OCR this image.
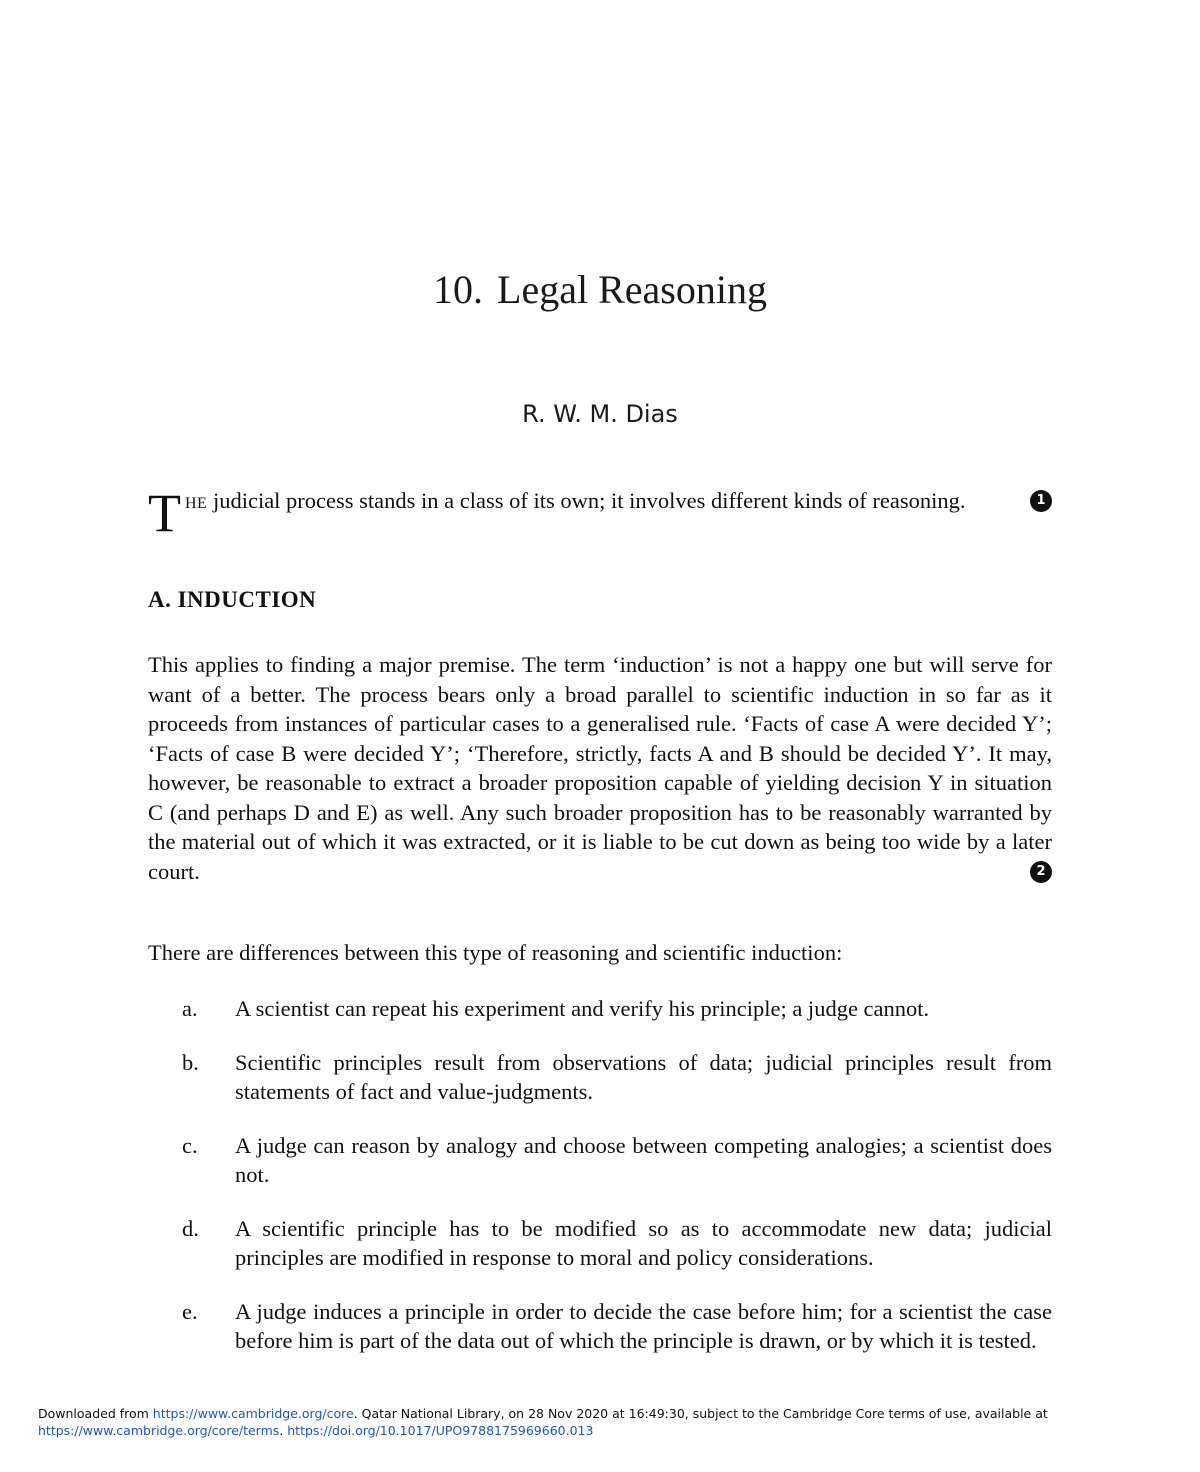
10. Legal Reasoning
R. W. M. Dias
The judicial process stands in a class of its own; it involves different kinds of reasoning.	1
A. INDUCTION
This applies to finding a major premise. The term ‘induction’ is not a happy one but will serve for want of a better. The process bears only a broad parallel to scientific induction in so far as it proceeds from instances of particular cases to a generalised rule. ‘Facts of case A were decided Y’; ‘Facts of case B were decided Y’; ‘Therefore, strictly, facts A and B should be decided Y’. It may, however, be reasonable to extract a broader proposition capable of yielding decision Y in situation C (and perhaps D and E) as well. Any such broader proposition has to be reasonably warranted by the material out of which it was extracted, or it is liable to be cut down as being too wide by a later court.	2
There are differences between this type of reasoning and scientific induction:
a. A scientist can repeat his experiment and verify his principle; a judge cannot.
b. Scientific principles result from observations of data; judicial principles result from statements of fact and value-judgments.
c. A judge can reason by analogy and choose between competing analogies; a scientist does not.
d. A scientific principle has to be modified so as to accommodate new data; judicial principles are modified in response to moral and policy considerations.
e. A judge induces a principle in order to decide the case before him; for a scientist the case before him is part of the data out of which the principle is drawn, or by which it is tested.
Downloaded from https://www.cambridge.org/core. Qatar National Library, on 28 Nov 2020 at 16:49:30, subject to the Cambridge Core terms of use, available at
https://www.cambridge.org/core/terms. https://doi.org/10.1017/UPO9788175969660.013
